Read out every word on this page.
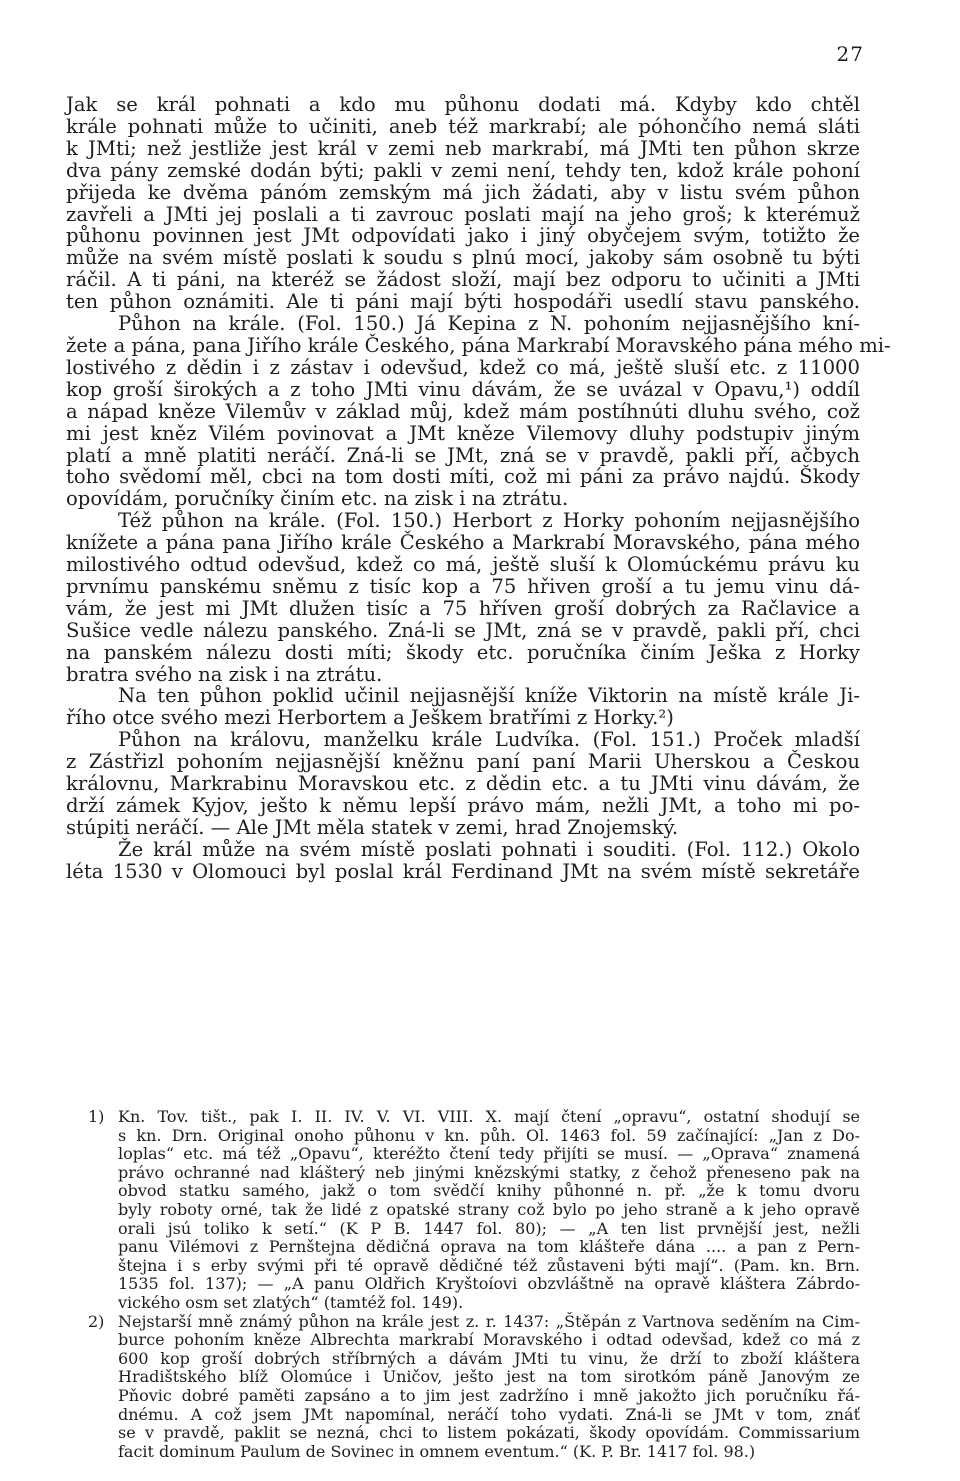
27
Jak se král pohnati a kdo mu půhonu dodati má. Kdyby kdo chtěl
krále pohnati může to učiniti, aneb též markrabí; ale póhončího nemá sláti
k JMti; než jestliže jest král v zemi neb markrabí, má JMti ten půhon skrze
dva pány zemské dodán býti; pakli v zemi není, tehdy ten, kdož krále pohoní
přijeda ke dvěma pánóm zemským má jich žádati, aby v listu svém půhon
zavřeli a JMti jej poslali a ti zavrouc poslati mají na jeho groš; k kterémuž
půhonu povinnen jest JMt odpovídati jako i jiný obyčejem svým, totižto že
může na svém místě poslati k soudu s plnú mocí, jakoby sám osobně tu býti
ráčil. A ti páni, na kteréž se žádost složí, mají bez odporu to učiniti a JMti
ten půhon oznámiti. Ale ti páni mají býti hospodáři usedlí stavu panského.
Půhon na krále. (Fol. 150.) Já Kepina z N. pohoním nejjasnějšího kní-
žete a pána, pana Jiřího krále Českého, pána Markrabí Moravského pána mého mi-
lostivého z dědin i z zástav i odevšud, kdež co má, ještě sluší etc. z 11000
kop groší širokých a z toho JMti vinu dávám, že se uvázal v Opavu,¹) oddíl
a nápad kněze Vilemův v základ můj, kdež mám postíhnúti dluhu svého, což
mi jest kněz Vilém povinovat a JMt kněze Vilemovy dluhy podstupiv jiným
platí a mně platiti neráčí. Zná-li se JMt, zná se v pravdě, pakli pří, ačbych
toho svědomí měl, cbci na tom dosti míti, což mi páni za právo najdú. Škody
opovídám, poručníky činím etc. na zisk i na ztrátu.
Též půhon na krále. (Fol. 150.) Herbort z Horky pohoním nejjasnějšího
knížete a pána pana Jiřího krále Českého a Markrabí Moravského, pána mého
milostivého odtud odevšud, kdež co má, ještě sluší k Olomúckému právu ku
prvnímu panskému sněmu z tisíc kop a 75 hřiven groší a tu jemu vinu dá-
vám, že jest mi JMt dlužen tisíc a 75 hříven groší dobrých za Račlavice a
Sušice vedle nálezu panského. Zná-li se JMt, zná se v pravdě, pakli pří, chci
na panském nálezu dosti míti; škody etc. poručníka činím Ješka z Horky
bratra svého na zisk i na ztrátu.
Na ten půhon poklid učinil nejjasnější kníže Viktorin na místě krále Ji-
řího otce svého mezi Herbortem a Ješkem bratřími z Horky.²)
Půhon na královu, manželku krále Ludvíka. (Fol. 151.) Proček mladší
z Zástřizl pohoním nejjasnější kněžnu paní paní Marii Uherskou a Českou
královnu, Markrabinu Moravskou etc. z dědin etc. a tu JMti vinu dávám, že
drží zámek Kyjov, ješto k němu lepší právo mám, nežli JMt, a toho mi po-
stúpiti neráčí. — Ale JMt měla statek v zemi, hrad Znojemský.
Že král může na svém místě poslati pohnati i souditi. (Fol. 112.) Okolo
léta 1530 v Olomouci byl poslal král Ferdinand JMt na svém místě sekretáře
1) Kn. Tov. tišt., pak I. II. IV. V. VI. VIII. X. mají čtení „opravu“, ostatní shodují se
s kn. Drn. Original onoho půhonu v kn. půh. Ol. 1463 fol. 59 začínající: „Jan z Do-
loplas“ etc. má též „Opavu“, kteréžto čtení tedy přijíti se musí. — „Oprava“ znamená
právo ochranné nad klášterý neb jinými knězskými statky, z čehož přeneseno pak na
obvod statku samého, jakž o tom svědčí knihy půhonné n. př. „že k tomu dvoru
byly roboty orné, tak že lidé z opatské strany což bylo po jeho straně a k jeho opravě
orali jsú toliko k setí.“ (K P B. 1447 fol. 80); — „A ten list prvnější jest, nežli
panu Vilémovi z Pernštejna dědičná oprava na tom klášteře dána .... a pan z Pern-
štejna i s erby svými při té opravě dědičné též zůstaveni býti mají“. (Pam. kn. Brn.
1535 fol. 137); — „A panu Oldřich Kryštoíovi obzvláštně na opravě kláštera Zábrdo-
vického osm set zlatých“ (tamtéž fol. 149).
2) Nejstarší mně známý půhon na krále jest z. r. 1437: „Štěpán z Vartnova seděním na Cim-
burce pohoním kněze Albrechta markrabí Moravského i odtad odevšad, kdež co má z
600 kop groší dobrých stříbrných a dávám JMti tu vinu, že drží to zboží kláštera
Hradištského blíž Olomúce i Uničov, ješto jest na tom sirotkóm páně Janovým ze
Pňovic dobré paměti zapsáno a to jim jest zadržíno i mně jakožto jich poručníku řá-
dnému. A což jsem JMt napomínal, neráčí toho vydati. Zná-li se JMt v tom, znáť
se v pravdě, paklit se nezná, chci to listem pokázati, škody opovídám. Commissarium
facit dominum Paulum de Sovinec in omnem eventum.“ (K. P. Br. 1417 fol. 98.)
